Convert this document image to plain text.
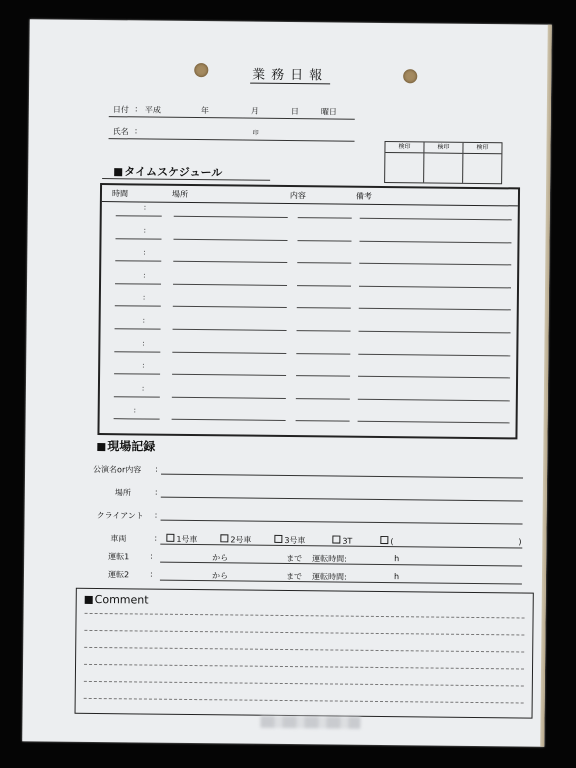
業務日報
日付 : 平成	年	月	日	曜日
氏名 :	印
検印	検印	検印
タイムスケジュール
時間	場所	内容	備考
:
:
:
:
:
:
:
:
:
:
現場記録
公演名or内容 :
場所	:
クライアント :
車両	:	1号車	2号車	3号車	3T	(	)
運転1	:	から	まで 運転時間:	h
運転2	:	から	まで 運転時間:	h
Comment
